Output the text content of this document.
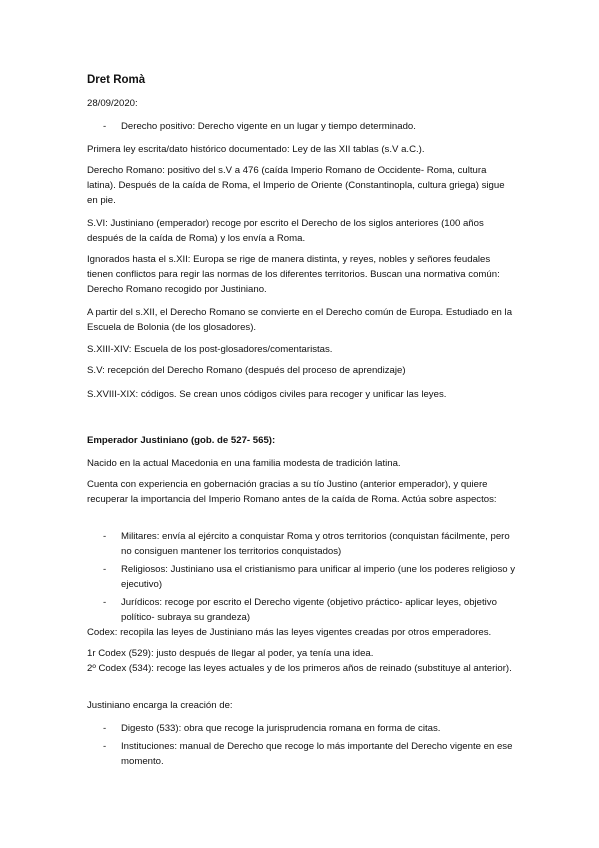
Dret Romà
28/09/2020:
- Derecho positivo: Derecho vigente en un lugar y tiempo determinado.

Primera ley escrita/dato histórico documentado: Ley de las XII tablas (s.V a.C.).

Derecho Romano: positivo del s.V a 476 (caída Imperio Romano de Occidente- Roma, cultura latina). Después de la caída de Roma, el Imperio de Oriente (Constantinopla, cultura griega) sigue en pie.

S.VI: Justiniano (emperador) recoge por escrito el Derecho de los siglos anteriores (100 años después de la caída de Roma) y los envía a Roma.

Ignorados hasta el s.XII: Europa se rige de manera distinta, y reyes, nobles y señores feudales tienen conflictos para regir las normas de los diferentes territorios. Buscan una normativa común: Derecho Romano recogido por Justiniano.

A partir del s.XII, el Derecho Romano se convierte en el Derecho común de Europa. Estudiado en la Escuela de Bolonia (de los glosadores).

S.XIII-XIV: Escuela de los post-glosadores/comentaristas.

S.V: recepción del Derecho Romano (después del proceso de aprendizaje)

S.XVIII-XIX: códigos. Se crean unos códigos civiles para recoger y unificar las leyes.

Emperador Justiniano (gob. de 527- 565):

Nacido en la actual Macedonia en una familia modesta de tradición latina.

Cuenta con experiencia en gobernación gracias a su tío Justino (anterior emperador), y quiere recuperar la importancia del Imperio Romano antes de la caída de Roma. Actúa sobre aspectos:

- Militares: envía al ejército a conquistar Roma y otros territorios (conquistan fácilmente, pero no consiguen mantener los territorios conquistados)
- Religiosos: Justiniano usa el cristianismo para unificar al imperio (une los poderes religioso y ejecutivo)
- Jurídicos: recoge por escrito el Derecho vigente (objetivo práctico- aplicar leyes, objetivo político- subraya su grandeza)

Codex: recopila las leyes de Justiniano más las leyes vigentes creadas por otros emperadores.

1r Codex (529): justo después de llegar al poder, ya tenía una idea.

2º Codex (534): recoge las leyes actuales y de los primeros años de reinado (substituye al anterior).

Justiniano encarga la creación de:

- Digesto (533): obra que recoge la jurisprudencia romana en forma de citas.
- Instituciones: manual de Derecho que recoge lo más importante del Derecho vigente en ese momento.
